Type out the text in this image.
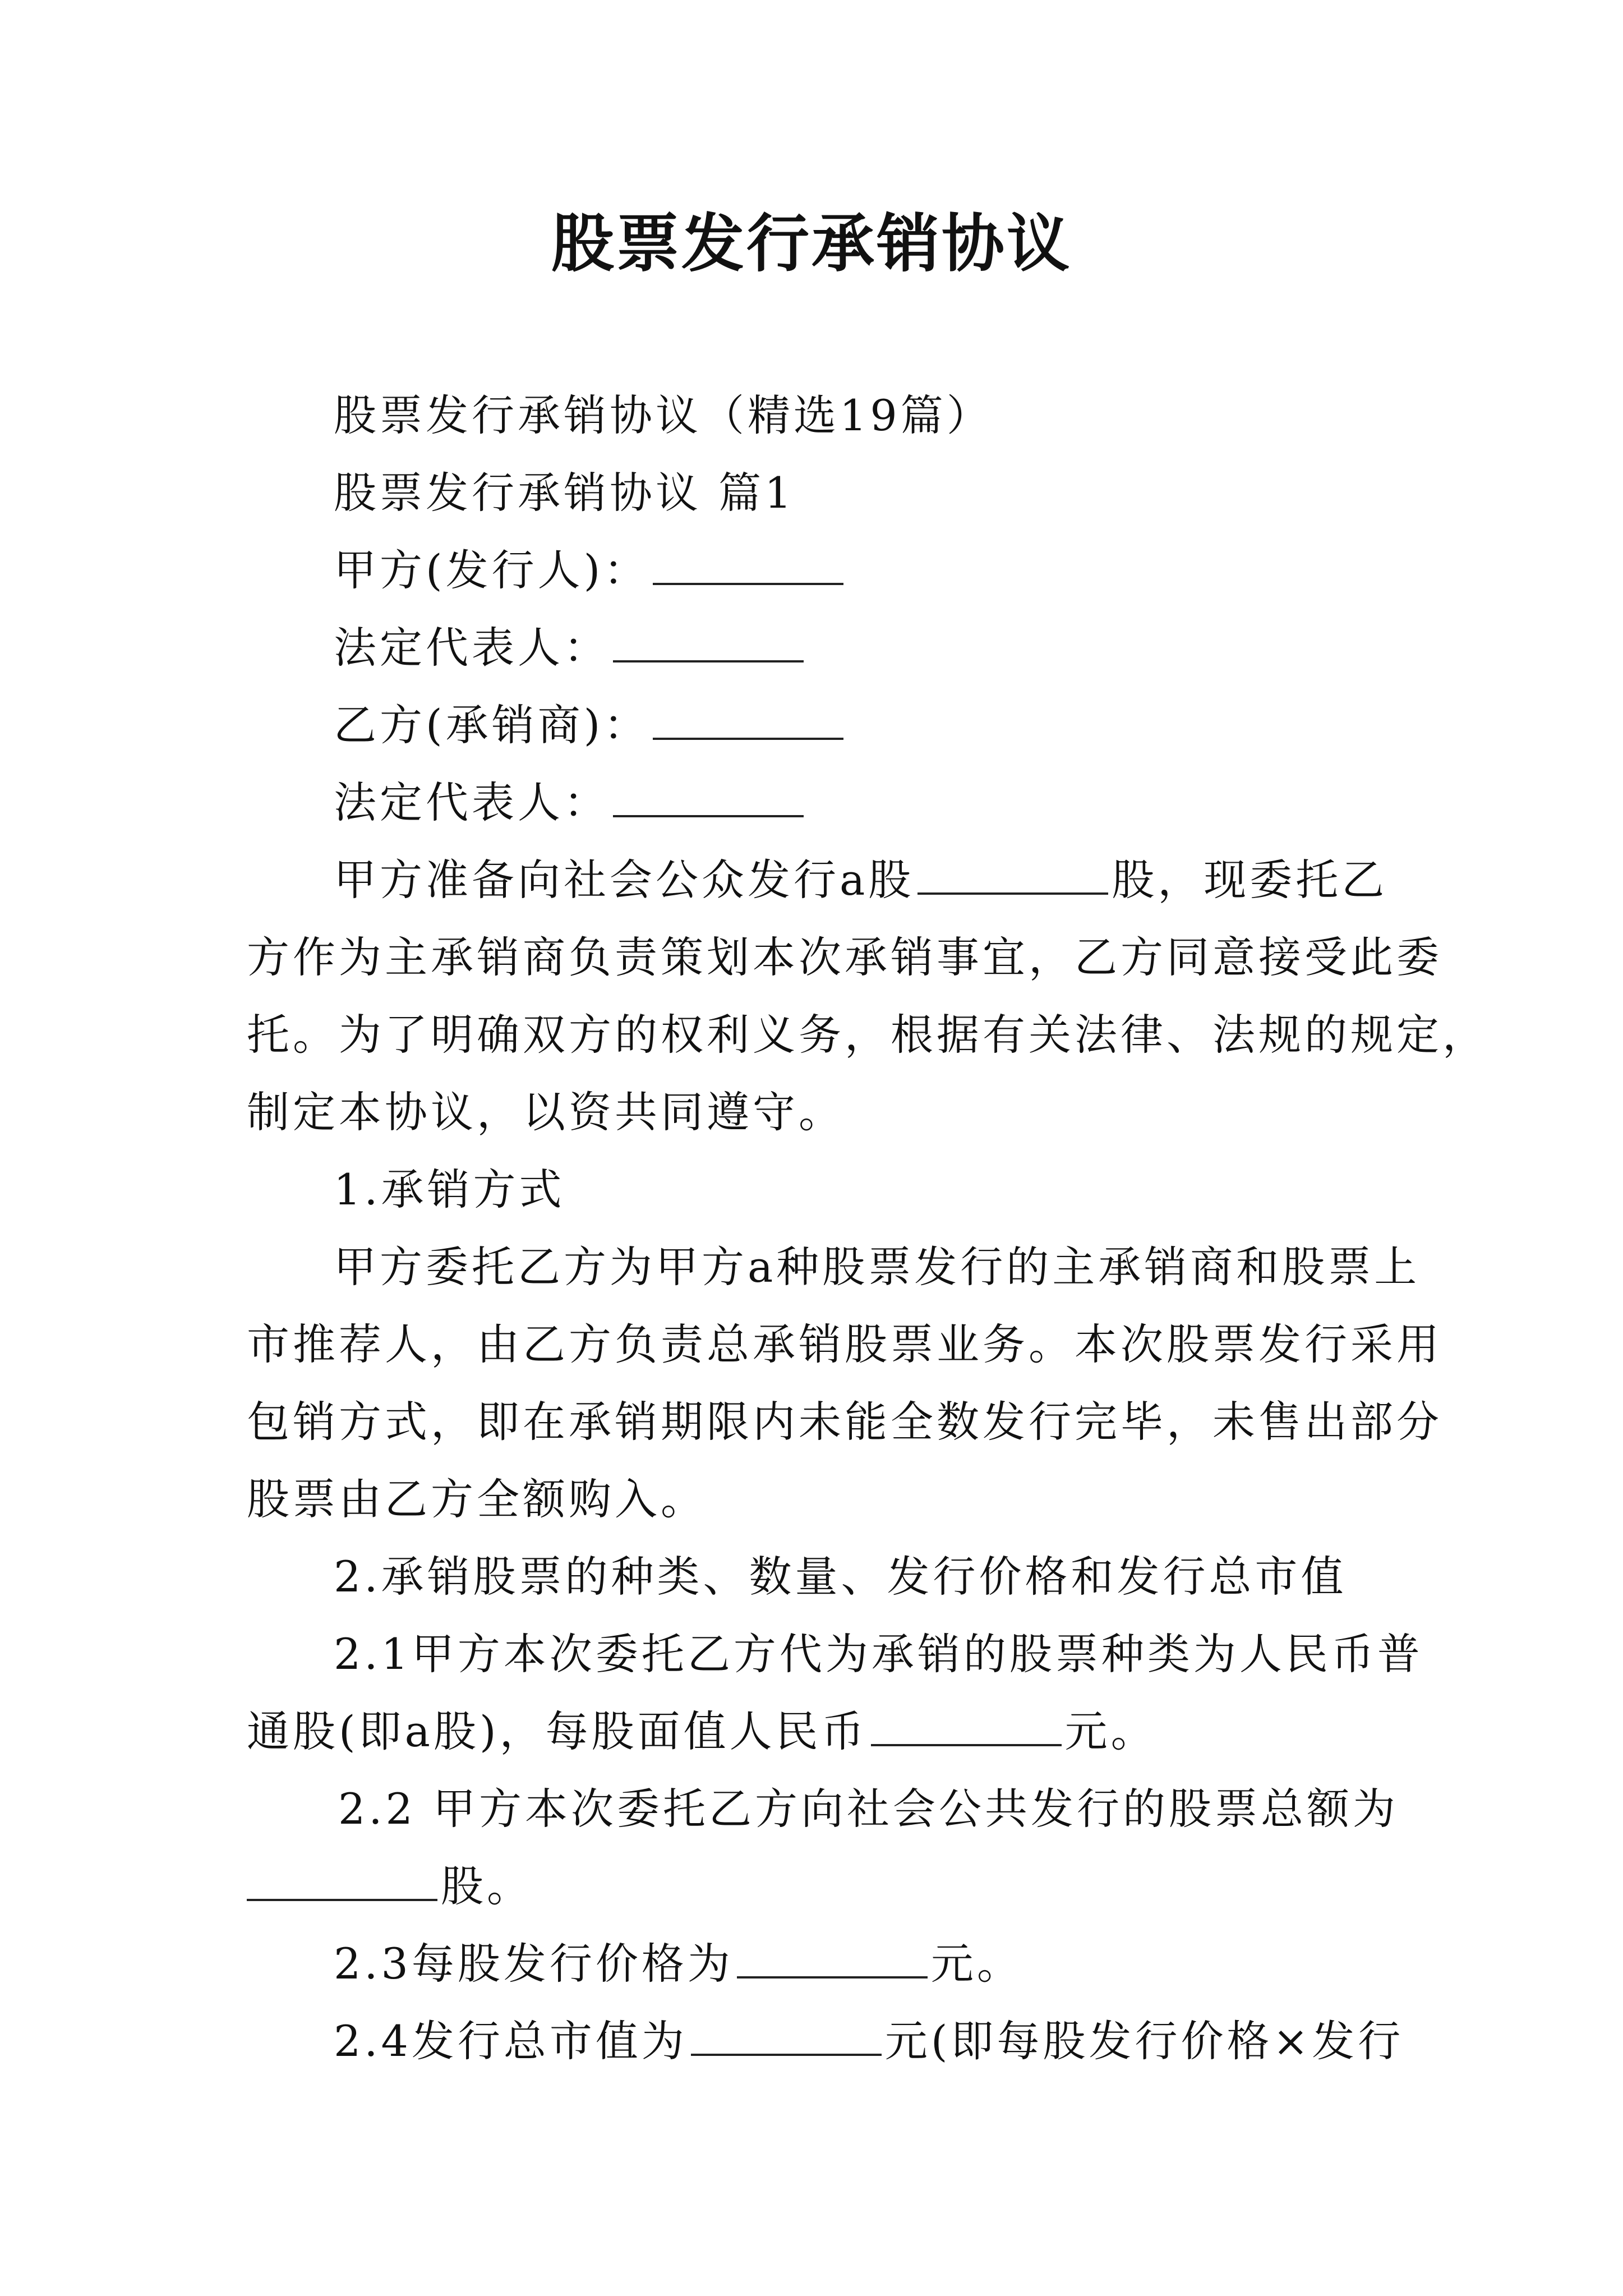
股票发行承销协议
股票发行承销协议（精选19篇）
股票发行承销协议 篇1
甲方(发行人)：
法定代表人：
乙方(承销商)：
法定代表人：
甲方准备向社会公众发行a股	股，现委托乙
方作为主承销商负责策划本次承销事宜，乙方同意接受此委
托。为了明确双方的权利义务，根据有关法律、法规的规定，
制定本协议，以资共同遵守。
1.承销方式
甲方委托乙方为甲方a种股票发行的主承销商和股票上
市推荐人，由乙方负责总承销股票业务。本次股票发行采用
包销方式，即在承销期限内未能全数发行完毕，未售出部分
股票由乙方全额购入。
2.承销股票的种类、数量、发行价格和发行总市值
2.1甲方本次委托乙方代为承销的股票种类为人民币普
通股(即a股)，每股面值人民币	元。
2.2 甲方本次委托乙方向社会公共发行的股票总额为
股。
2.3每股发行价格为	元。
2.4发行总市值为	元(即每股发行价格×发行
